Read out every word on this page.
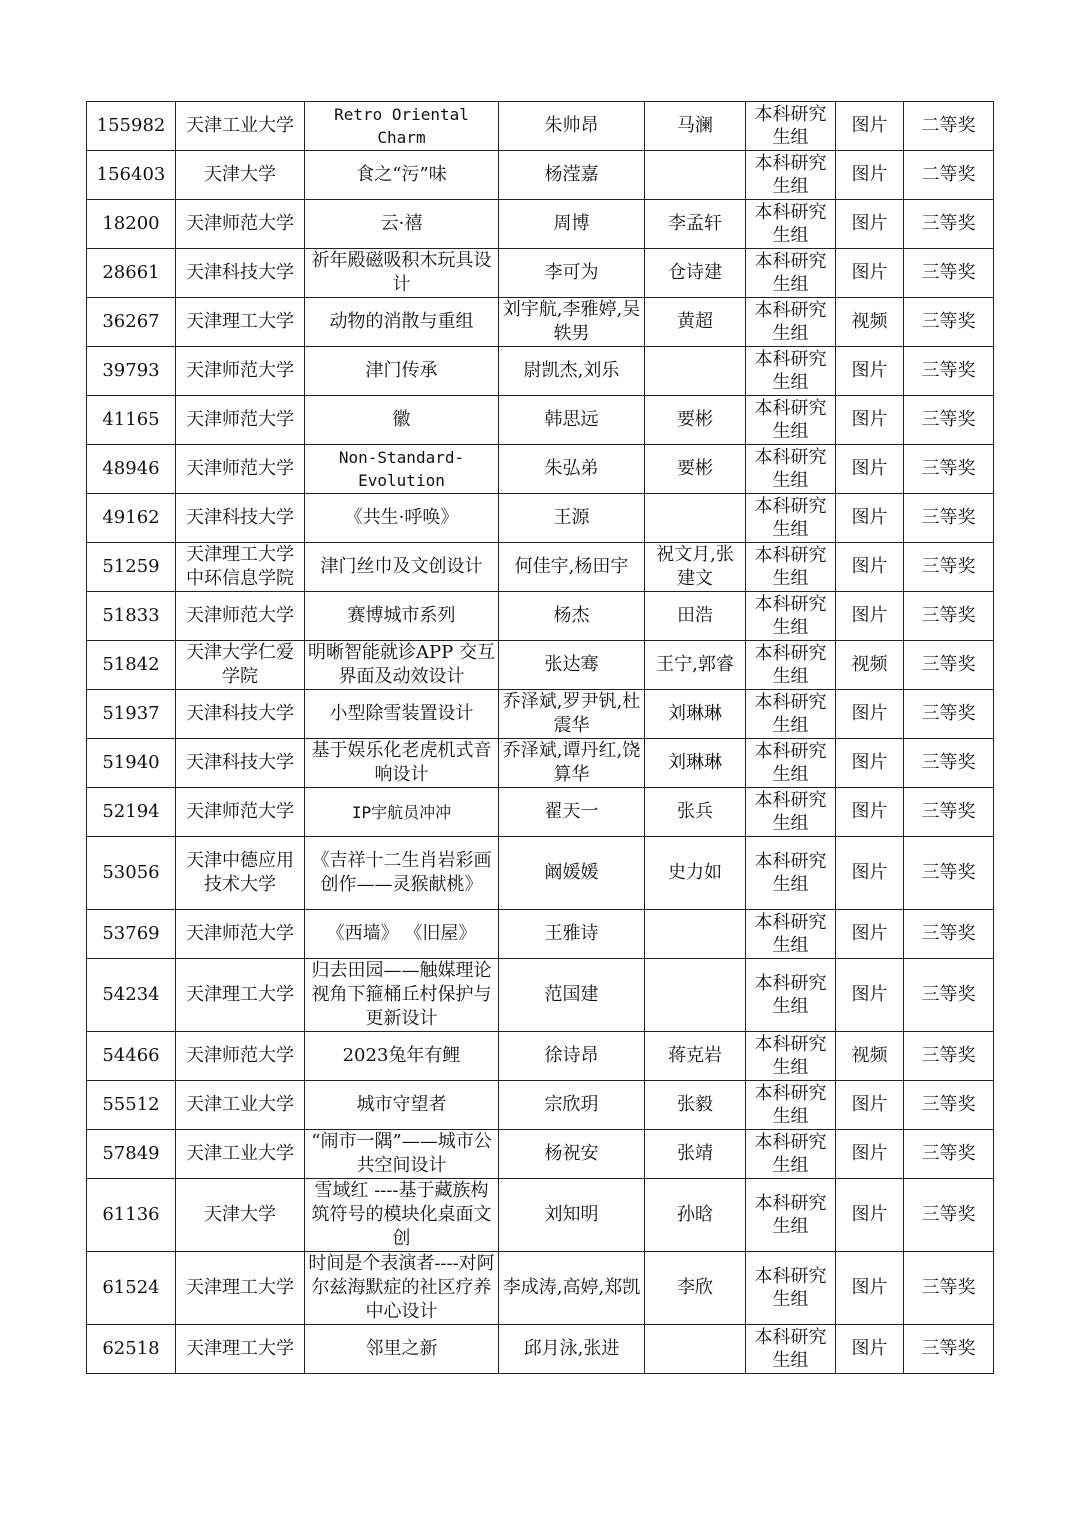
155982	天津工业大学	Retro Oriental Charm	朱帅昂	马澜	本科研究生组	图片	二等奖
156403	天津大学	食之“污”味	杨滢嘉		本科研究生组	图片	二等奖
18200	天津师范大学	云·禧	周博	李孟轩	本科研究生组	图片	三等奖
28661	天津科技大学	祈年殿磁吸积木玩具设计	李可为	仓诗建	本科研究生组	图片	三等奖
36267	天津理工大学	动物的消散与重组	刘宇航,李雅婷,吴轶男	黄超	本科研究生组	视频	三等奖
39793	天津师范大学	津门传承	尉凯杰,刘乐		本科研究生组	图片	三等奖
41165	天津师范大学	徽	韩思远	要彬	本科研究生组	图片	三等奖
48946	天津师范大学	Non-Standard-Evolution	朱弘弟	要彬	本科研究生组	图片	三等奖
49162	天津科技大学	《共生·呼唤》	王源		本科研究生组	图片	三等奖
51259	天津理工大学中环信息学院	津门丝巾及文创设计	何佳宇,杨田宇	祝文月,张建文	本科研究生组	图片	三等奖
51833	天津师范大学	赛博城市系列	杨杰	田浩	本科研究生组	图片	三等奖
51842	天津大学仁爱学院	明晰智能就诊APP 交互界面及动效设计	张达骞	王宁,郭睿	本科研究生组	视频	三等奖
51937	天津科技大学	小型除雪装置设计	乔泽斌,罗尹钒,杜震华	刘琳琳	本科研究生组	图片	三等奖
51940	天津科技大学	基于娱乐化老虎机式音响设计	乔泽斌,谭丹红,饶算华	刘琳琳	本科研究生组	图片	三等奖
52194	天津师范大学	IP宇航员冲冲	翟天一	张兵	本科研究生组	图片	三等奖
53056	天津中德应用技术大学	《吉祥十二生肖岩彩画创作——灵猴献桃》	阚媛媛	史力如	本科研究生组	图片	三等奖
53769	天津师范大学	《西墙》 《旧屋》	王雅诗		本科研究生组	图片	三等奖
54234	天津理工大学	归去田园——触媒理论视角下箍桶丘村保护与更新设计	范国建		本科研究生组	图片	三等奖
54466	天津师范大学	2023兔年有鲤	徐诗昂	蒋克岩	本科研究生组	视频	三等奖
55512	天津工业大学	城市守望者	宗欣玥	张毅	本科研究生组	图片	三等奖
57849	天津工业大学	“闹市一隅”——城市公共空间设计	杨祝安	张靖	本科研究生组	图片	三等奖
61136	天津大学	雪域红 ----基于藏族构筑符号的模块化桌面文创	刘知明	孙晗	本科研究生组	图片	三等奖
61524	天津理工大学	时间是个表演者----对阿尔兹海默症的社区疗养中心设计	李成涛,高婷,郑凯	李欣	本科研究生组	图片	三等奖
62518	天津理工大学	邻里之新	邱月泳,张进		本科研究生组	图片	三等奖
